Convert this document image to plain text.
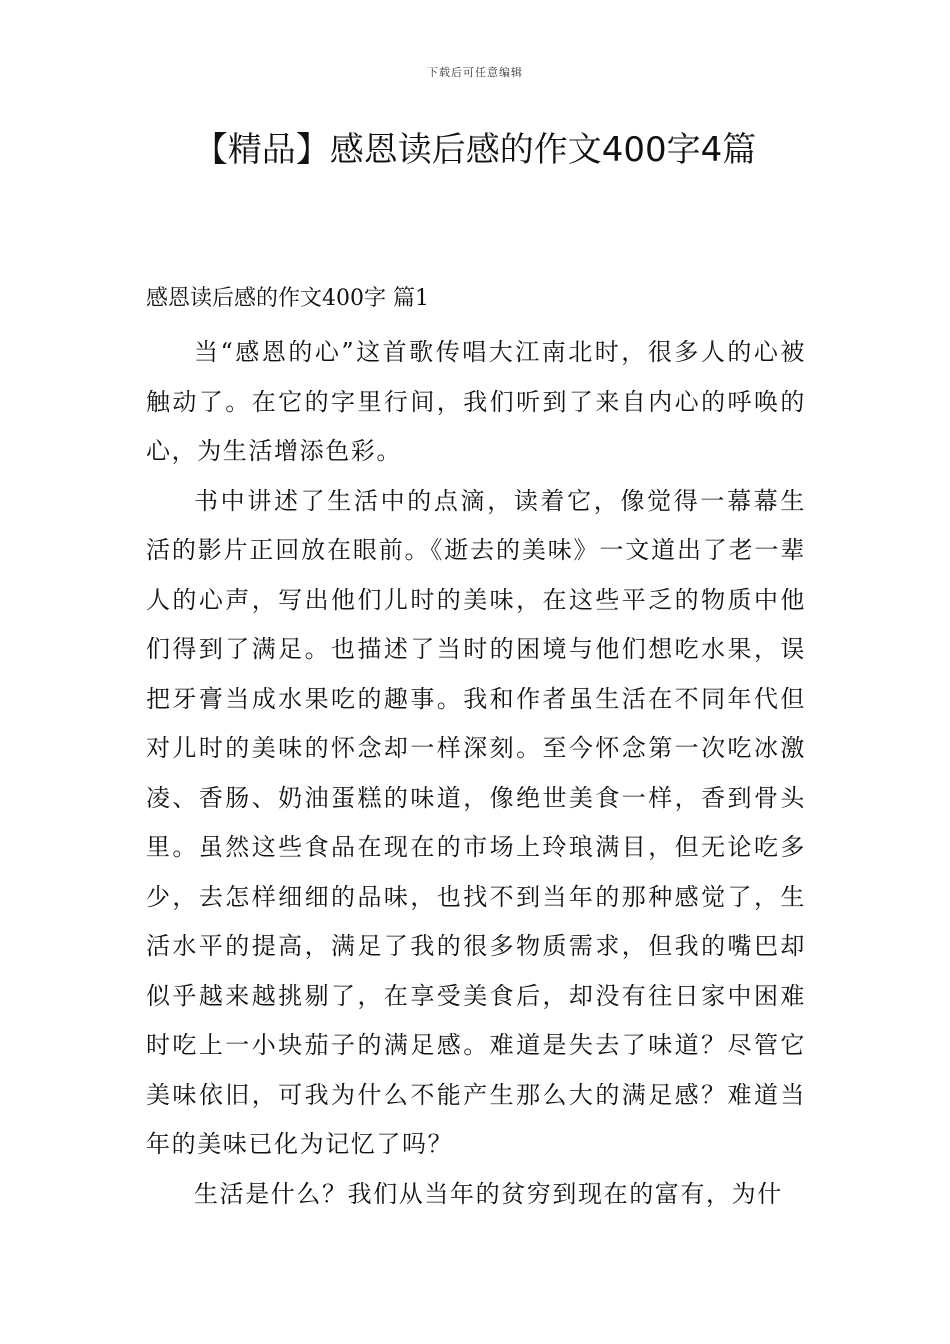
下载后可任意编辑
【精品】感恩读后感的作文400字4篇
感恩读后感的作文400字 篇1

当“感恩的心”这首歌传唱大江南北时，很多人的心被触动了。在它的字里行间，我们听到了来自内心的呼唤的心，为生活增添色彩。

书中讲述了生活中的点滴，读着它，像觉得一幕幕生活的影片正回放在眼前。《逝去的美味》一文道出了老一辈人的心声，写出他们儿时的美味，在这些平乏的物质中他们得到了满足。也描述了当时的困境与他们想吃水果，误把牙膏当成水果吃的趣事。我和作者虽生活在不同年代但对儿时的美味的怀念却一样深刻。至今怀念第一次吃冰激凌、香肠、奶油蛋糕的味道，像绝世美食一样，香到骨头里。虽然这些食品在现在的市场上玲琅满目，但无论吃多少，去怎样细细的品味，也找不到当年的那种感觉了，生活水平的提高，满足了我的很多物质需求，但我的嘴巴却似乎越来越挑剔了，在享受美食后，却没有往日家中困难时吃上一小块茄子的满足感。难道是失去了味道？尽管它美味依旧，可我为什么不能产生那么大的满足感？难道当年的美味已化为记忆了吗？

生活是什么？我们从当年的贫穷到现在的富有，为什
